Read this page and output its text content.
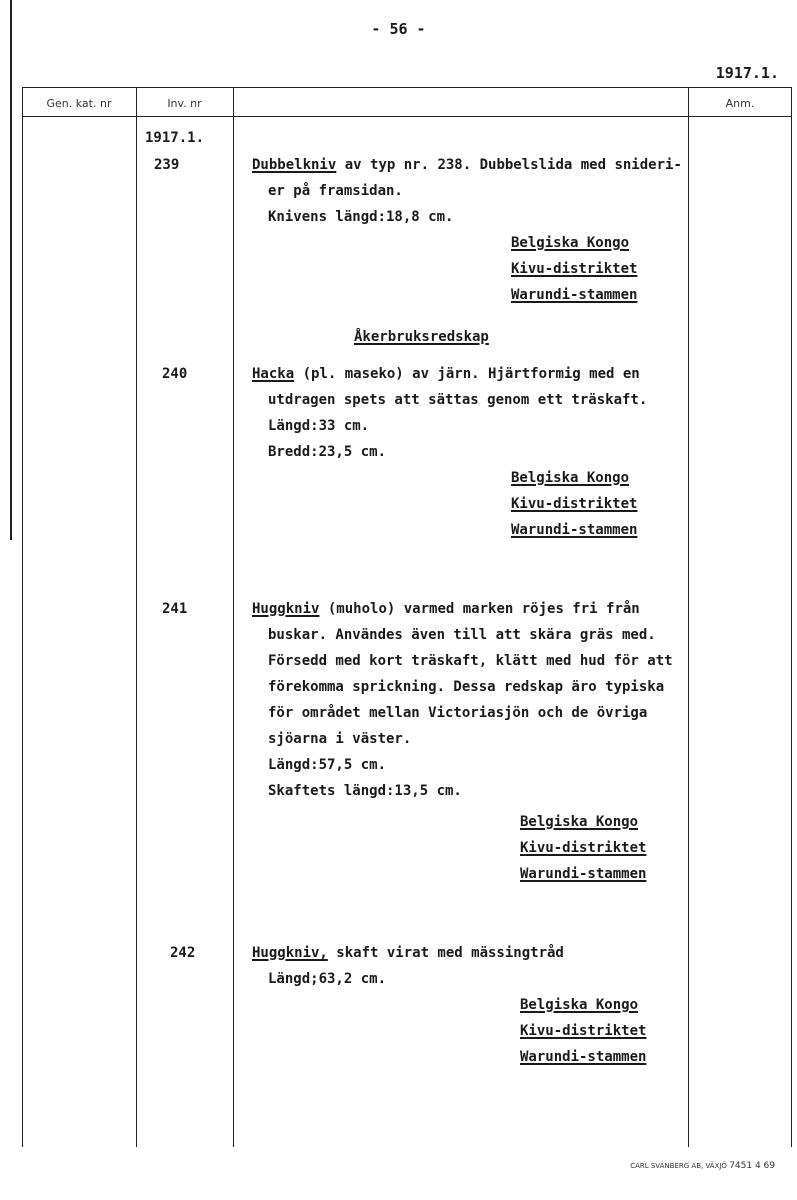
- 56 -
1917.1.
Gen. kat. nr	Inv. nr	Anm.
1917.1.
239	Dubbelkniv av typ nr. 238. Dubbelslida med snideri-
er på framsidan.
Knivens längd:18,8 cm.
Belgiska Kongo
Kivu-distriktet
Warundi-stammen
Åkerbruksredskap
240	Hacka (pl. maseko) av järn. Hjärtformig med en
utdragen spets att sättas genom ett träskaft.
Längd:33 cm.
Bredd:23,5 cm.
Belgiska Kongo
Kivu-distriktet
Warundi-stammen
241	Huggkniv (muholo) varmed marken röjes fri från
buskar. Användes även till att skära gräs med.
Försedd med kort träskaft, klätt med hud för att
förekomma sprickning. Dessa redskap äro typiska
för området mellan Victoriasjön och de övriga
sjöarna i väster.
Längd:57,5 cm.
Skaftets längd:13,5 cm.
Belgiska Kongo
Kivu-distriktet
Warundi-stammen
242	Huggkniv, skaft virat med mässingtråd
Längd;63,2 cm.
Belgiska Kongo
Kivu-distriktet
Warundi-stammen
CARL SVANBERG AB, VÄXJÖ 7451 4 69
